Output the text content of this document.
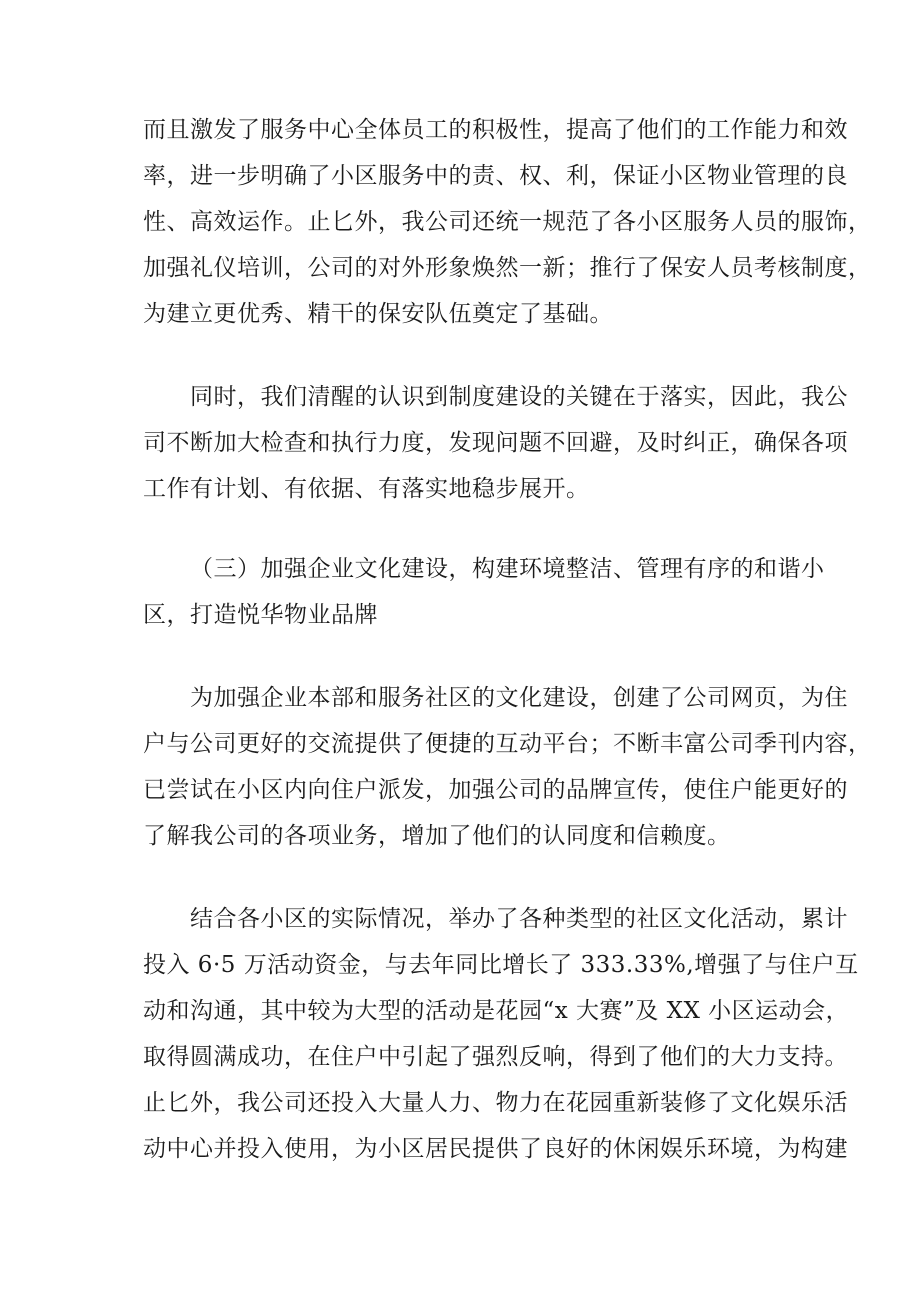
而且激发了服务中心全体员工的积极性，提高了他们的工作能力和效

率，进一步明确了小区服务中的责、权、利，保证小区物业管理的良

性、高效运作。止匕外，我公司还统一规范了各小区服务人员的服饰，

加强礼仪培训，公司的对外形象焕然一新；推行了保安人员考核制度，

为建立更优秀、精干的保安队伍奠定了基础。

同时，我们清醒的认识到制度建设的关键在于落实，因此，我公

司不断加大检查和执行力度，发现问题不回避，及时纠正，确保各项

工作有计划、有依据、有落实地稳步展开。

（三）加强企业文化建设，构建环境整洁、管理有序的和谐小

区，打造悦华物业品牌

为加强企业本部和服务社区的文化建设，创建了公司网页，为住

户与公司更好的交流提供了便捷的互动平台；不断丰富公司季刊内容，

已尝试在小区内向住户派发，加强公司的品牌宣传，使住户能更好的

了解我公司的各项业务，增加了他们的认同度和信赖度。

结合各小区的实际情况，举办了各种类型的社区文化活动，累计

投入 6·5 万活动资金，与去年同比增长了 333.33%,增强了与住户互

动和沟通，其中较为大型的活动是花园“x 大赛”及 XX 小区运动会，

取得圆满成功，在住户中引起了强烈反响，得到了他们的大力支持。

止匕外，我公司还投入大量人力、物力在花园重新装修了文化娱乐活

动中心并投入使用，为小区居民提供了良好的休闲娱乐环境，为构建
